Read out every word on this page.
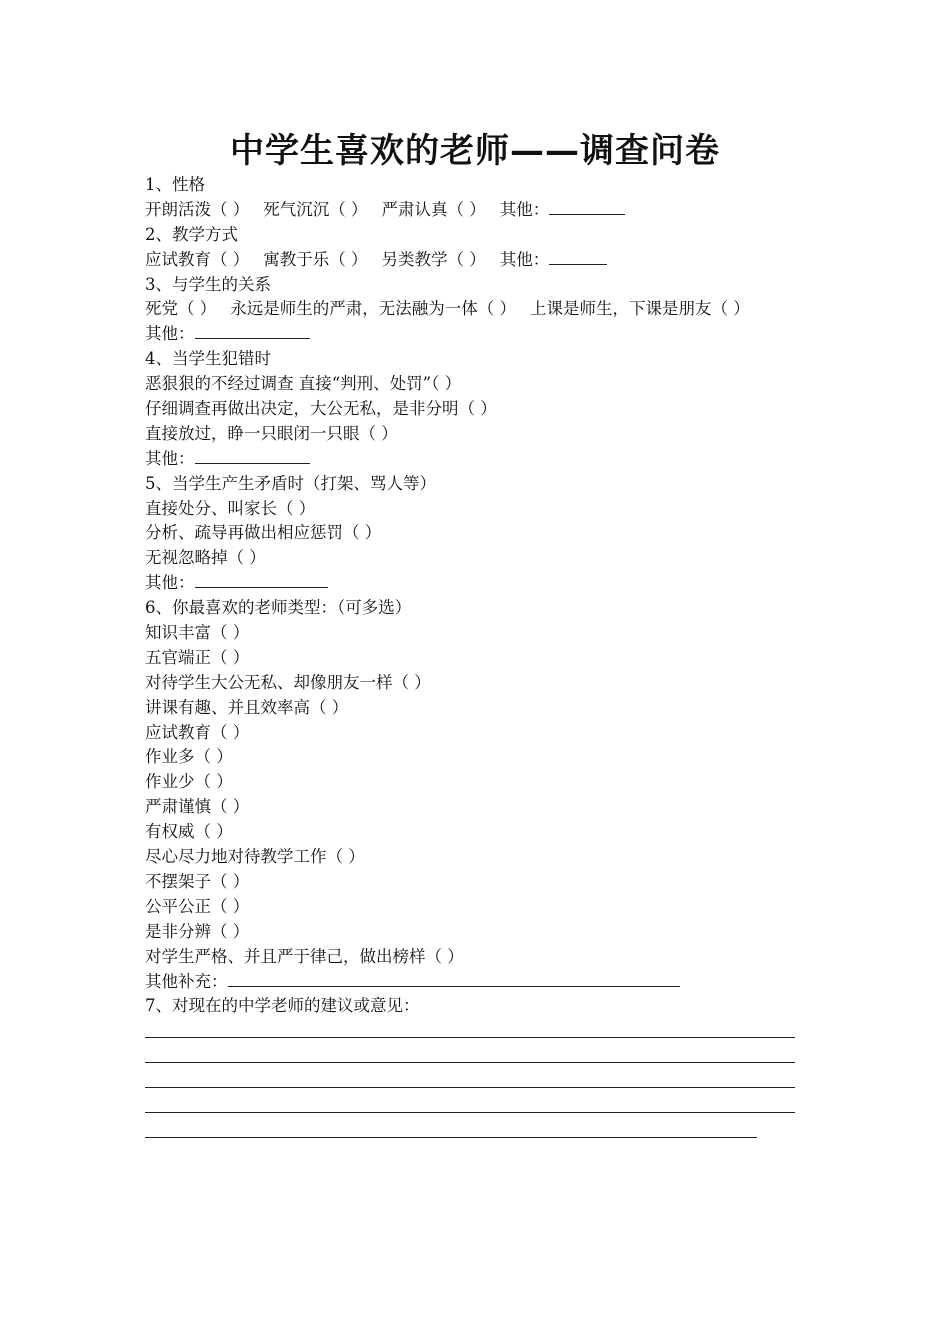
中学生喜欢的老师——调查问卷
1、性格
开朗活泼（ ） 死气沉沉（ ） 严肃认真（ ） 其他：
2、教学方式
应试教育（ ） 寓教于乐（ ） 另类教学（ ） 其他：
3、与学生的关系
死党（ ） 永远是师生的严肃，无法融为一体（ ） 上课是师生，下课是朋友（ ）
其他：
4、当学生犯错时
恶狠狠的不经过调查 直接“判刑、处罚”（ ）
仔细调查再做出决定，大公无私，是非分明（ ）
直接放过，睁一只眼闭一只眼（ ）
其他：
5、当学生产生矛盾时（打架、骂人等）
直接处分、叫家长（ ）
分析、疏导再做出相应惩罚（ ）
无视忽略掉（ ）
其他：
6、你最喜欢的老师类型：（可多选）
知识丰富（ ）
五官端正（ ）
对待学生大公无私、却像朋友一样（ ）
讲课有趣、并且效率高（ ）
应试教育（ ）
作业多（ ）
作业少（ ）
严肃谨慎（ ）
有权威（ ）
尽心尽力地对待教学工作（ ）
不摆架子（ ）
公平公正（ ）
是非分辨（ ）
对学生严格、并且严于律己，做出榜样（ ）
其他补充：
7、对现在的中学老师的建议或意见：
